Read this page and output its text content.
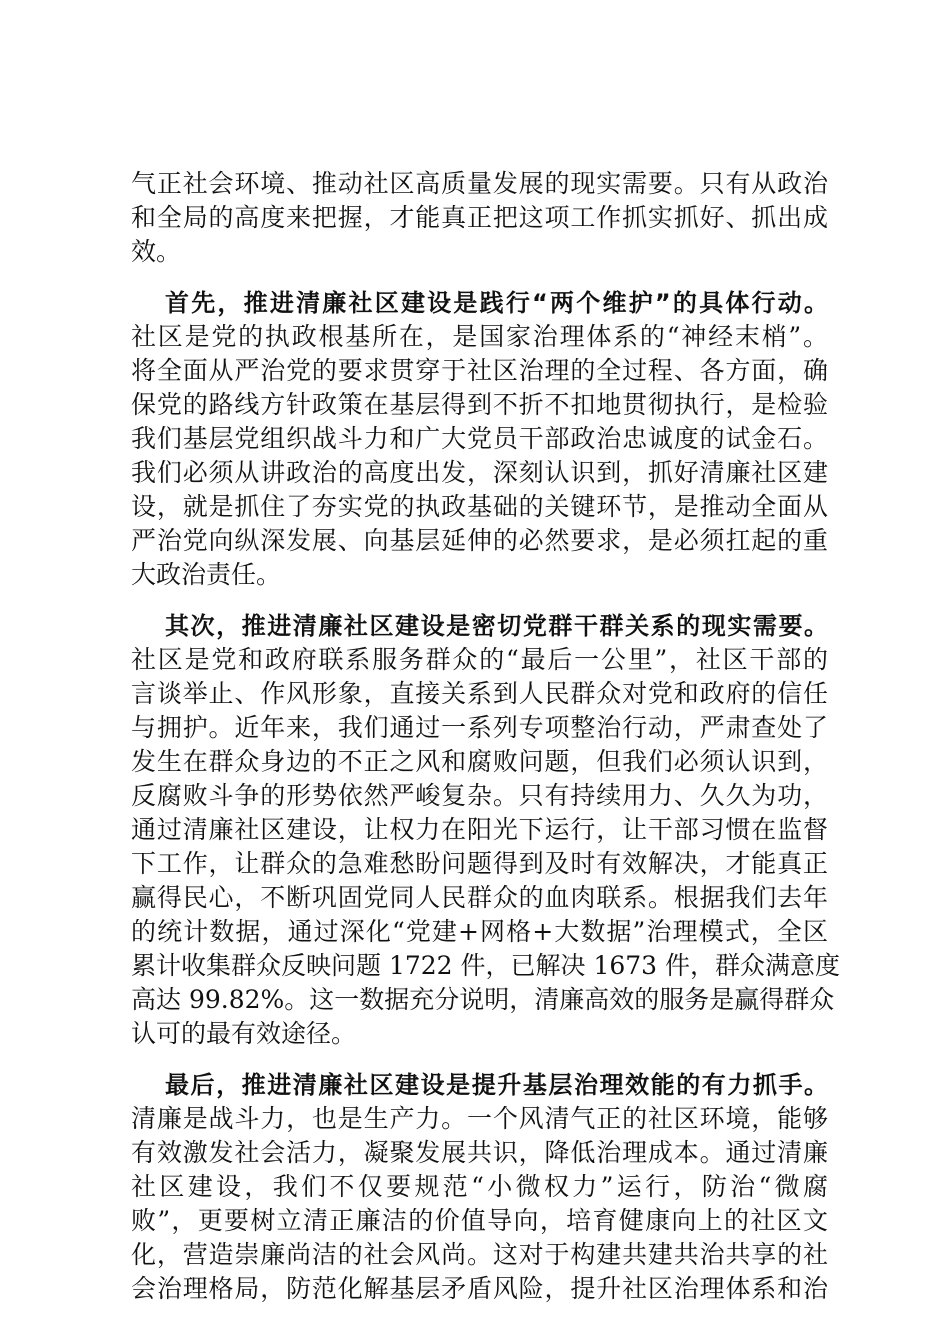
气正社会环境、推动社区高质量发展的现实需要。只有从政治
和全局的高度来把握，才能真正把这项工作抓实抓好、抓出成
效。
首先，推进清廉社区建设是践行“两个维护”的具体行动。
社区是党的执政根基所在，是国家治理体系的“神经末梢”。
将全面从严治党的要求贯穿于社区治理的全过程、各方面，确
保党的路线方针政策在基层得到不折不扣地贯彻执行，是检验
我们基层党组织战斗力和广大党员干部政治忠诚度的试金石。
我们必须从讲政治的高度出发，深刻认识到，抓好清廉社区建
设，就是抓住了夯实党的执政基础的关键环节，是推动全面从
严治党向纵深发展、向基层延伸的必然要求，是必须扛起的重
大政治责任。
其次，推进清廉社区建设是密切党群干群关系的现实需要。
社区是党和政府联系服务群众的“最后一公里”，社区干部的
言谈举止、作风形象，直接关系到人民群众对党和政府的信任
与拥护。近年来，我们通过一系列专项整治行动，严肃查处了
发生在群众身边的不正之风和腐败问题，但我们必须认识到，
反腐败斗争的形势依然严峻复杂。只有持续用力、久久为功，
通过清廉社区建设，让权力在阳光下运行，让干部习惯在监督
下工作，让群众的急难愁盼问题得到及时有效解决，才能真正
赢得民心，不断巩固党同人民群众的血肉联系。根据我们去年
的统计数据，通过深化“党建+网格+大数据”治理模式，全区
累计收集群众反映问题 1722 件，已解决 1673 件，群众满意度
高达 99.82%。这一数据充分说明，清廉高效的服务是赢得群众
认可的最有效途径。
最后，推进清廉社区建设是提升基层治理效能的有力抓手。
清廉是战斗力，也是生产力。一个风清气正的社区环境，能够
有效激发社会活力，凝聚发展共识，降低治理成本。通过清廉
社区建设，我们不仅要规范“小微权力”运行，防治“微腐
败”，更要树立清正廉洁的价值导向，培育健康向上的社区文
化，营造崇廉尚洁的社会风尚。这对于构建共建共治共享的社
会治理格局，防范化解基层矛盾风险，提升社区治理体系和治
